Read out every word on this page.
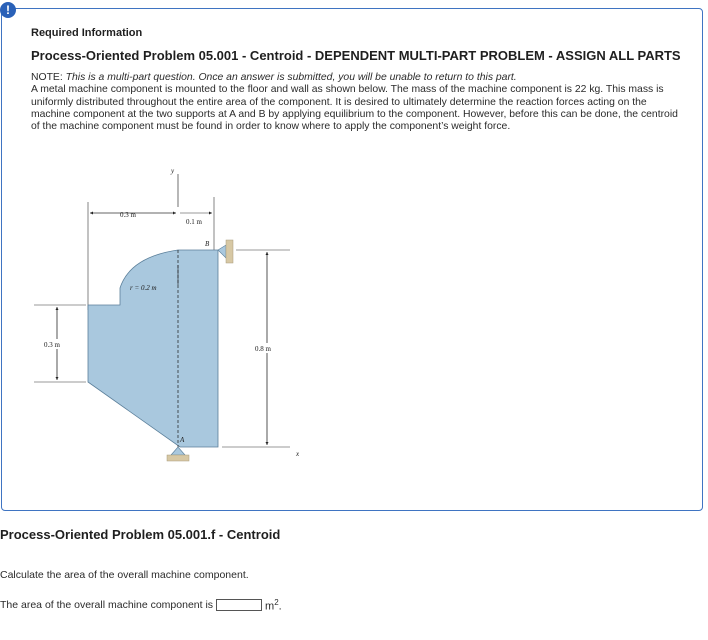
!
Required Information
Process-Oriented Problem 05.001 - Centroid - DEPENDENT MULTI-PART PROBLEM - ASSIGN ALL PARTS
NOTE: This is a multi-part question. Once an answer is submitted, you will be unable to return to this part.
A metal machine component is mounted to the floor and wall as shown below. The mass of the machine component is 22 kg. This mass is uniformly distributed throughout the entire area of the component. It is desired to ultimately determine the reaction forces acting on the machine component at the two supports at A and B by applying equilibrium to the component. However, before this can be done, the centroid of the machine component must be found in order to know where to apply the component’s weight force.
y
0.3 m
0.1 m
r = 0.2 m
B
A
0.3 m	0.8 m
x
Process-Oriented Problem 05.001.f - Centroid
Calculate the area of the overall machine component.
The area of the overall machine component is	$m^2$.
